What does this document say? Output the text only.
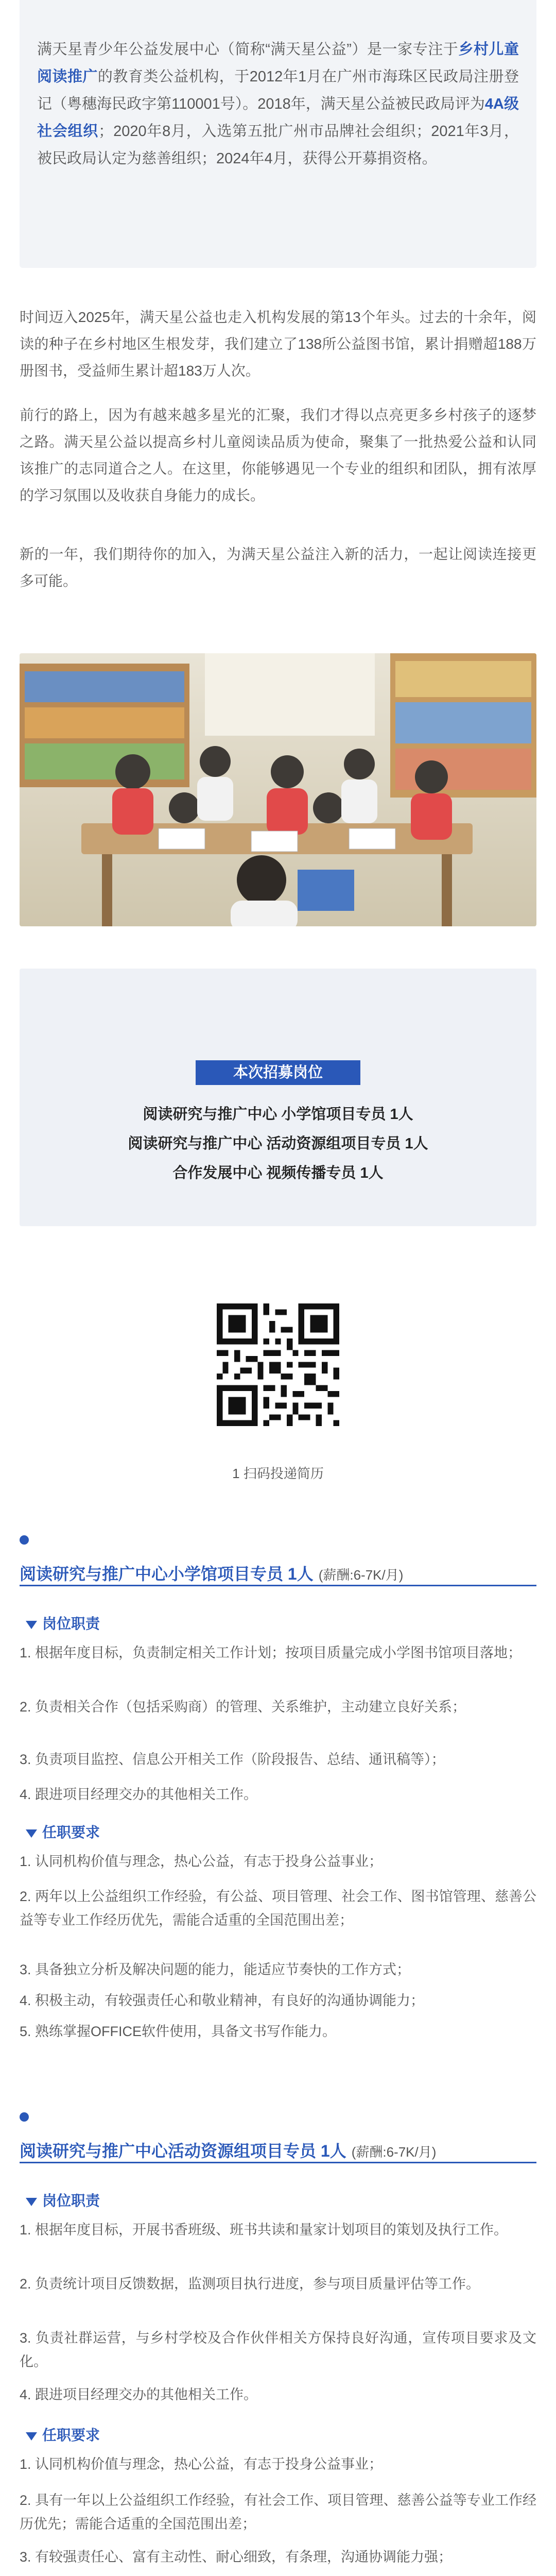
满天星青少年公益发展中心（简称“满天星公益”）是一家专注于乡村儿童阅读推广的教育类公益机构，于2012年1月在广州市海珠区民政局注册登记（粤穗海民政字第110001号）。2018年，满天星公益被民政局评为4A级社会组织；2020年8月，入选第五批广州市品牌社会组织；2021年3月，被民政局认定为慈善组织；2024年4月，获得公开募捐资格。
时间迈入2025年，满天星公益也走入机构发展的第13个年头。过去的十余年，阅读的种子在乡村地区生根发芽，我们建立了138所公益图书馆，累计捐赠超188万册图书，受益师生累计超183万人次。
前行的路上，因为有越来越多星光的汇聚，我们才得以点亮更多乡村孩子的逐梦之路。满天星公益以提高乡村儿童阅读品质为使命，聚集了一批热爱公益和认同该推广的志同道合之人。在这里，你能够遇见一个专业的组织和团队，拥有浓厚的学习氛围以及收获自身能力的成长。
新的一年，我们期待你的加入，为满天星公益注入新的活力，一起让阅读连接更多可能。
本次招募岗位
阅读研究与推广中心 小学馆项目专员 1人
阅读研究与推广中心 活动资源组项目专员 1人
合作发展中心 视频传播专员 1人
1 扫码投递简历
阅读研究与推广中心小学馆项目专员 1人 (薪酬:6-7K/月)
岗位职责
1. 根据年度目标，负责制定相关工作计划；按项目质量完成小学图书馆项目落地；
2. 负责相关合作（包括采购商）的管理、关系维护，主动建立良好关系；
3. 负责项目监控、信息公开相关工作（阶段报告、总结、通讯稿等）；
4. 跟进项目经理交办的其他相关工作。
任职要求
1. 认同机构价值与理念，热心公益，有志于投身公益事业；
2. 两年以上公益组织工作经验，有公益、项目管理、社会工作、图书馆管理、慈善公益等专业工作经历优先，需能合适重的全国范围出差；
3. 具备独立分析及解决问题的能力，能适应节奏快的工作方式；
4. 积极主动，有较强责任心和敬业精神，有良好的沟通协调能力；
5. 熟练掌握OFFICE软件使用，具备文书写作能力。
阅读研究与推广中心活动资源组项目专员 1人 (薪酬:6-7K/月)
岗位职责
1. 根据年度目标，开展书香班级、班书共读和量家计划项目的策划及执行工作。
2. 负责统计项目反馈数据，监测项目执行进度，参与项目质量评估等工作。
3. 负责社群运营，与乡村学校及合作伙伴相关方保持良好沟通，宣传项目要求及文化。
4. 跟进项目经理交办的其他相关工作。
任职要求
1. 认同机构价值与理念，热心公益，有志于投身公益事业；
2. 具有一年以上公益组织工作经验，有社会工作、项目管理、慈善公益等专业工作经历优先；需能合适重的全国范围出差；
3. 有较强责任心、富有主动性、耐心细致，有条理，沟通协调能力强；
